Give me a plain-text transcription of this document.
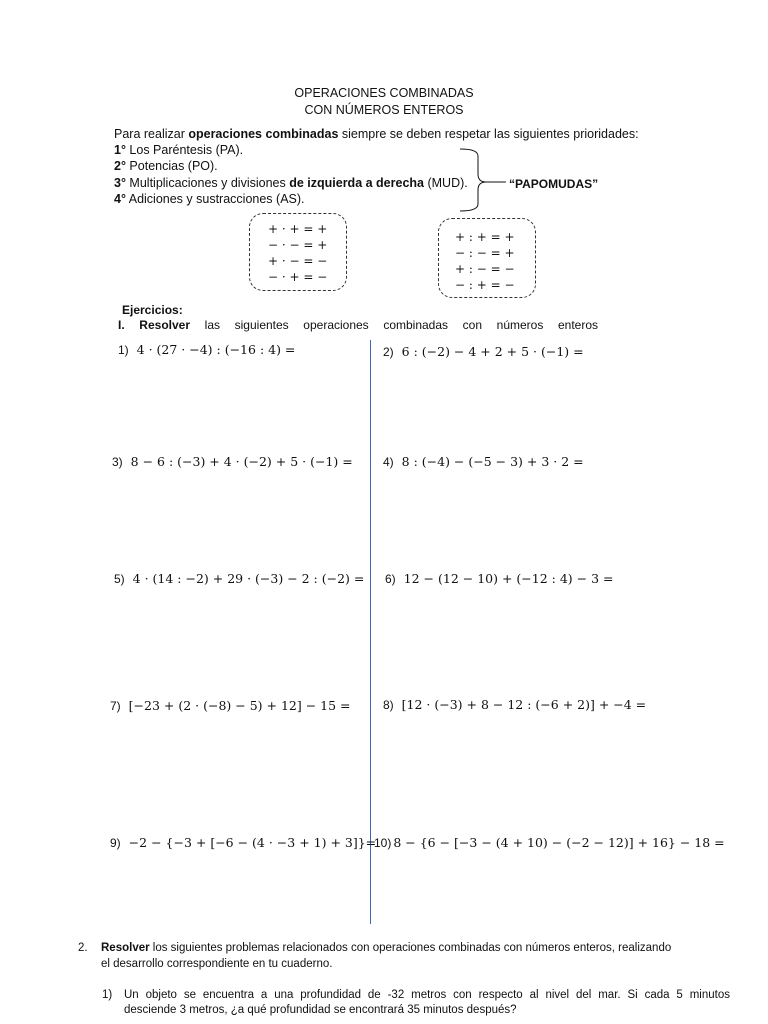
OPERACIONES COMBINADAS
CON NÚMEROS ENTEROS
Para realizar operaciones combinadas siempre se deben respetar las siguientes prioridades:
1° Los Paréntesis (PA).
2° Potencias (PO).
3° Multiplicaciones y divisiones de izquierda a derecha (MUD).
4° Adiciones y sustracciones (AS).
“PAPOMUDAS”
+ · + = +
− · − = +
+ · − = −
− · + = −
+ : + = +
− : − = +
+ : − = −
− : + = −
Ejercicios:
I. Resolver las siguientes operaciones combinadas con números enteros
1) 4 · (27 · −4) : (−16 : 4) =	2) 6 : (−2) − 4 + 2 + 5 · (−1) =
3) 8 − 6 : (−3) + 4 · (−2) + 5 · (−1) =	4) 8 : (−4) − (−5 − 3) + 3 · 2 =
5) 4 · (14 : −2) + 29 · (−3) − 2 : (−2) = 6) 12 − (12 − 10) + (−12 : 4) − 3 =
7) [−23 + (2 · (−8) − 5) + 12] − 15 =	8) [12 · (−3) + 8 − 12 : (−6 + 2)] + −4 =
9) −2 − {−3 + [−6 − (4 · −3 + 1) + 3]}=
10) 8 − {6 − [−3 − (4 + 10) − (−2 − 12)] + 16} − 18 =
2. Resolver los siguientes problemas relacionados con operaciones combinadas con números enteros, realizando
el desarrollo correspondiente en tu cuaderno.
1) Un objeto se encuentra a una profundidad de -32 metros con respecto al nivel del mar. Si cada 5 minutos
desciende 3 metros, ¿a qué profundidad se encontrará 35 minutos después?
